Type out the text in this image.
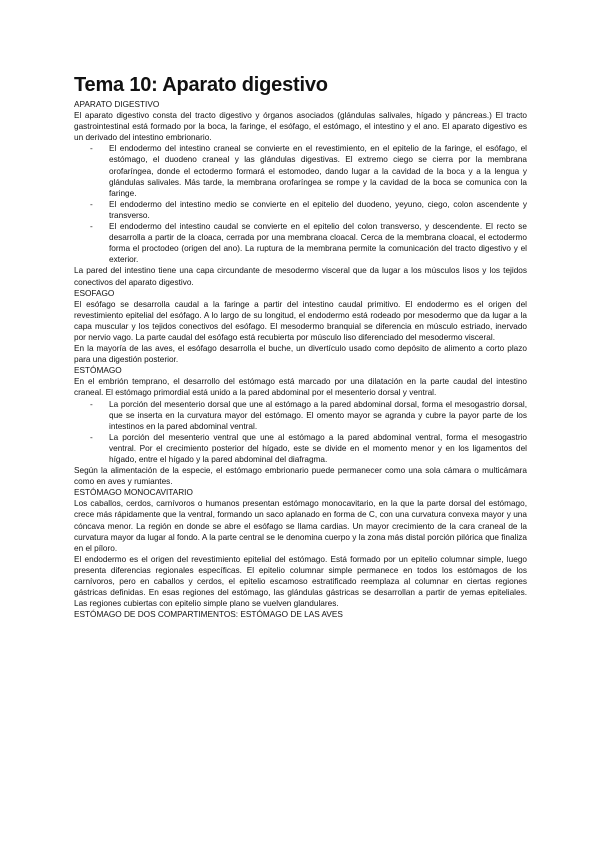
Tema 10: Aparato digestivo

APARATO DIGESTIVO

El aparato digestivo consta del tracto digestivo y órganos asociados (glándulas salivales, hígado y páncreas.) El tracto gastrointestinal está formado por la boca, la faringe, el esófago, el estómago, el intestino y el ano. El aparato digestivo es un derivado del intestino embrionario.

- El endodermo del intestino craneal se convierte en el revestimiento, en el epitelio de la faringe, el esófago, el estómago, el duodeno craneal y las glándulas digestivas. El extremo ciego se cierra por la membrana orofaríngea, donde el ectodermo formará el estomodeo, dando lugar a la cavidad de la boca y a la lengua y glándulas salivales. Más tarde, la membrana orofaríngea se rompe y la cavidad de la boca se comunica con la faringe.
- El endodermo del intestino medio se convierte en el epitelio del duodeno, yeyuno, ciego, colon ascendente y transverso.
- El endodermo del intestino caudal se convierte en el epitelio del colon transverso, y descendente. El recto se desarrolla a partir de la cloaca, cerrada por una membrana cloacal. Cerca de la membrana cloacal, el ectodermo forma el proctodeo (origen del ano). La ruptura de la membrana permite la comunicación del tracto digestivo y el exterior.

La pared del intestino tiene una capa circundante de mesodermo visceral que da lugar a los músculos lisos y los tejidos conectivos del aparato digestivo.

ESOFAGO

El esófago se desarrolla caudal a la faringe a partir del intestino caudal primitivo. El endodermo es el origen del revestimiento epitelial del esófago. A lo largo de su longitud, el endodermo está rodeado por mesodermo que da lugar a la capa muscular y los tejidos conectivos del esófago. El mesodermo branquial se diferencia en músculo estriado, inervado por nervio vago. La parte caudal del esófago está recubierta por músculo liso diferenciado del mesodermo visceral.

En la mayoría de las aves, el esófago desarrolla el buche, un divertículo usado como depósito de alimento a corto plazo para una digestión posterior.

ESTÓMAGO

En el embrión temprano, el desarrollo del estómago está marcado por una dilatación en la parte caudal del intestino craneal. El estómago primordial está unido a la pared abdominal por el mesenterio dorsal y ventral.

- La porción del mesenterio dorsal que une al estómago a la pared abdominal dorsal, forma el mesogastrio dorsal, que se inserta en la curvatura mayor del estómago. El omento mayor se agranda y cubre la payor parte de los intestinos en la pared abdominal ventral.
- La porción del mesenterio ventral que une al estómago a la pared abdominal ventral, forma el mesogastrio ventral. Por el crecimiento posterior del hígado, este se divide en el momento menor y en los ligamentos del hígado, entre el hígado y la pared abdominal del diafragma.

Según la alimentación de la especie, el estómago embrionario puede permanecer como una sola cámara o multicámara como en aves y rumiantes.

ESTÓMAGO MONOCAVITARIO

Los caballos, cerdos, carnívoros o humanos presentan estómago monocavitario, en la que la parte dorsal del estómago, crece más rápidamente que la ventral, formando un saco aplanado en forma de C, con una curvatura convexa mayor y una cóncava menor. La región en donde se abre el esófago se llama cardias. Un mayor crecimiento de la cara craneal de la curvatura mayor da lugar al fondo. A la parte central se le denomina cuerpo y la zona más distal porción pilórica que finaliza en el píloro.

El endodermo es el origen del revestimiento epitelial del estómago. Está formado por un epitelio columnar simple, luego presenta diferencias regionales específicas. El epitelio columnar simple permanece en todos los estómagos de los carnívoros, pero en caballos y cerdos, el epitelio escamoso estratificado reemplaza al columnar en ciertas regiones gástricas definidas. En esas regiones del estómago, las glándulas gástricas se desarrollan a partir de yemas epiteliales. Las regiones cubiertas con epitelio simple plano se vuelven glandulares.

ESTÓMAGO DE DOS COMPARTIMENTOS: ESTÓMAGO DE LAS AVES
